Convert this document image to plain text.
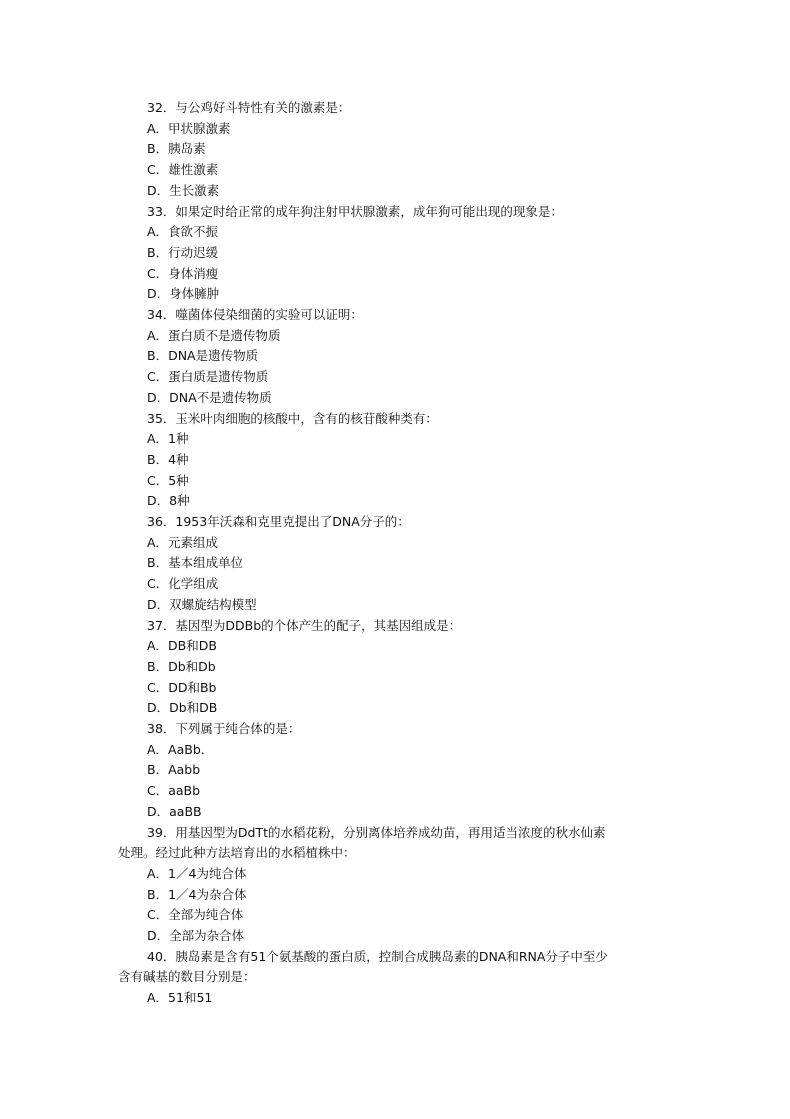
32．与公鸡好斗特性有关的激素是：
A．甲状腺激素
B．胰岛素
C．雄性激素
D．生长激素
33．如果定时给正常的成年狗注射甲状腺激素，成年狗可能出现的现象是：
A．食欲不振
B．行动迟缓
C．身体消瘦
D．身体臃肿
34．噬菌体侵染细菌的实验可以证明：
A．蛋白质不是遗传物质
B．DNA是遗传物质
C．蛋白质是遗传物质
D．DNA不是遗传物质
35．玉米叶肉细胞的核酸中，含有的核苷酸种类有：
A．1种
B．4种
C．5种
D．8种
36．1953年沃森和克里克提出了DNA分子的：
A．元素组成
B．基本组成单位
C．化学组成
D．双螺旋结构模型
37．基因型为DDBb的个体产生的配子，其基因组成是：
A．DB和DB
B．Db和Db
C．DD和Bb
D．Db和DB
38．下列属于纯合体的是：
A．AaBb．
B．Aabb
C．aaBb
D．aaBB
39．用基因型为DdTt的水稻花粉，分别离体培养成幼苗，再用适当浓度的秋水仙素
处理。经过此种方法培育出的水稻植株中：
A．1／4为纯合体
B．1／4为杂合体
C．全部为纯合体
D．全部为杂合体
40．胰岛素是含有51个氨基酸的蛋白质，控制合成胰岛素的DNA和RNA分子中至少
含有碱基的数目分别是：
A．51和51
